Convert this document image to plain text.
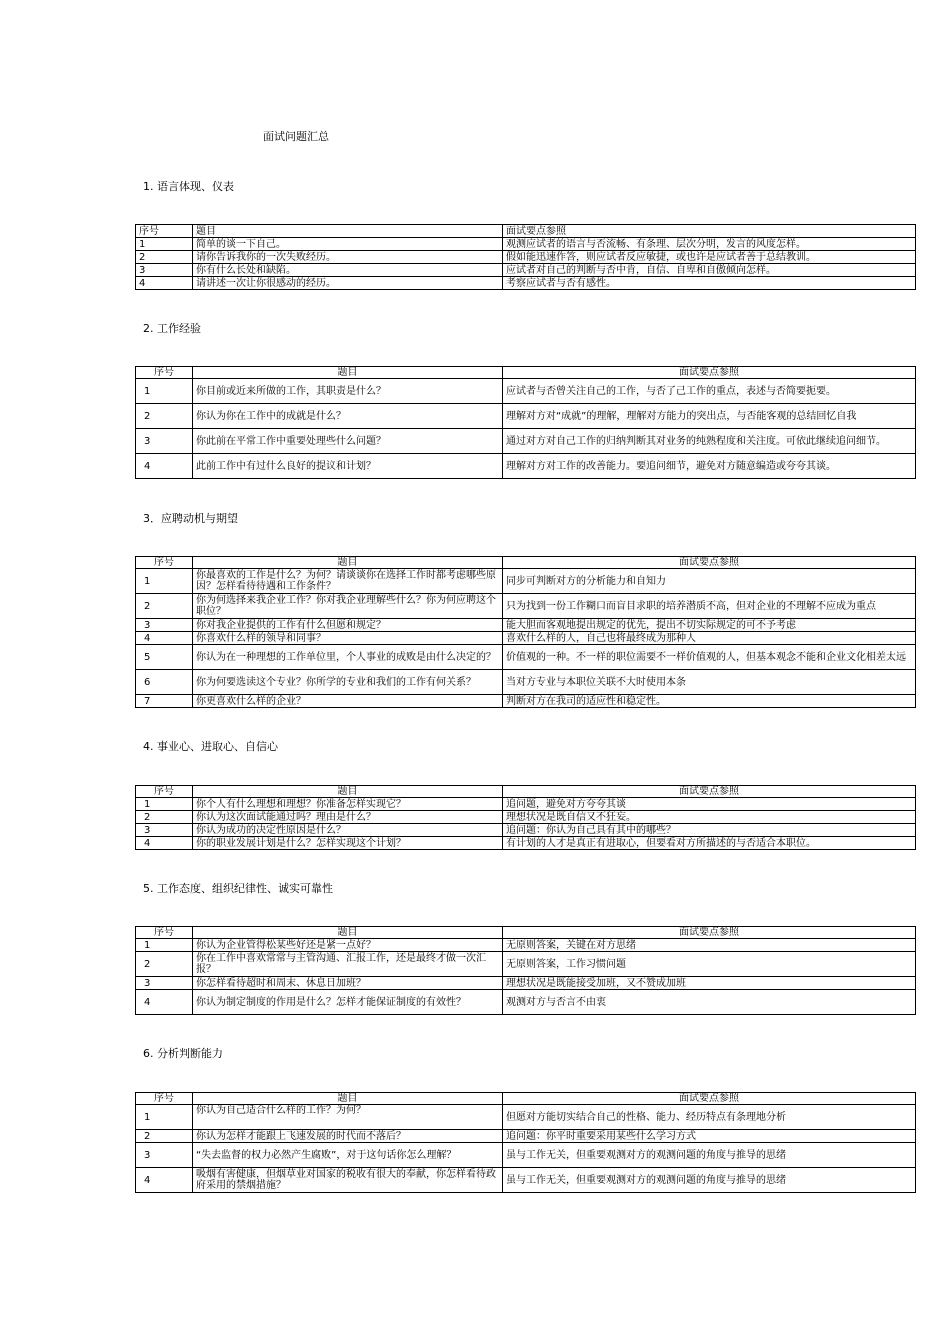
面试问题汇总
1. 语言体现、仪表
序号	题目	面试要点参照
1	简单的谈一下自己。	观测应试者的语言与否流畅、有条理、层次分明，发言的风度怎样。
2	请你告诉我你的一次失败经历。	假如能迅速作答，则应试者反应敏捷，或也许是应试者善于总结教训。
3	你有什么长处和缺陷。	应试者对自己的判断与否中肯，自信、自卑和自傲倾向怎样。
4	请讲述一次让你很感动的经历。	考察应试者与否有感性。
2. 工作经验
序号	题目	面试要点参照
1	你目前或近来所做的工作，其职责是什么？	应试者与否曾关注自己的工作，与否了己工作的重点，表述与否简要扼要。
2	你认为你在工作中的成就是什么？	理解对方对“成就”的理解，理解对方能力的突出点，与否能客观的总结回忆自我
3	你此前在平常工作中重要处理些什么问题？	通过对方对自己工作的归纳判断其对业务的纯熟程度和关注度。可依此继续追问细节。
4	此前工作中有过什么良好的提议和计划？	理解对方对工作的改善能力。要追问细节，避免对方随意编造或夸夸其谈。
3．应聘动机与期望
序号	题目	面试要点参照
1	你最喜欢的工作是什么？为何？请谈谈你在选择工作时都考虑哪些原因？怎样看待待遇和工作条件？	同步可判断对方的分析能力和自知力
2	你为何选择来我企业工作？你对我企业理解些什么？你为何应聘这个职位？	只为找到一份工作糊口而盲目求职的培养潜质不高，但对企业的不理解不应成为重点
3	你对我企业提供的工作有什么但愿和规定？	能大胆而客观地提出规定的优先，提出不切实际规定的可不予考虑
4	你喜欢什么样的领导和同事？	喜欢什么样的人，自己也将最终成为那种人
5	你认为在一种理想的工作单位里，个人事业的成败是由什么决定的？	价值观的一种。不一样的职位需要不一样价值观的人，但基本观念不能和企业文化相差太远
6	你为何要选读这个专业？你所学的专业和我们的工作有何关系？	当对方专业与本职位关联不大时使用本条
7	你更喜欢什么样的企业？	判断对方在我司的适应性和稳定性。
4. 事业心、进取心、自信心
序号	题目	面试要点参照
1	你个人有什么理想和理想？你准备怎样实现它？	追问题，避免对方夸夸其谈
2	你认为这次面试能通过吗？理由是什么？	理想状况是既自信又不狂妄。
3	你认为成功的决定性原因是什么？	追问题：你认为自己具有其中的哪些？
4	你的职业发展计划是什么？怎样实现这个计划？	有计划的人才是真正有进取心，但要看对方所描述的与否适合本职位。
5. 工作态度、组织纪律性、诚实可靠性
序号	题目	面试要点参照
1	你认为企业管得松某些好还是紧一点好？	无原则答案，关键在对方思绪
2	你在工作中喜欢常常与主管沟通、汇报工作，还是最终才做一次汇报？	无原则答案，工作习惯问题
3	你怎样看待超时和周末、休息日加班？	理想状况是既能接受加班，又不赞成加班
4	你认为制定制度的作用是什么？怎样才能保证制度的有效性？	观测对方与否言不由衷
6. 分析判断能力
序号	题目	面试要点参照
1	你认为自己适合什么样的工作？为何？	但愿对方能切实结合自己的性格、能力、经历特点有条理地分析
2	你认为怎样才能跟上飞速发展的时代而不落后？	追问题：你平时重要采用某些什么学习方式
3	“失去监督的权力必然产生腐败”，对于这句话你怎么理解？	虽与工作无关，但重要观测对方的观测问题的角度与推导的思绪
4	吸烟有害健康，但烟草业对国家的税收有很大的奉献，你怎样看待政府采用的禁烟措施？	虽与工作无关，但重要观测对方的观测问题的角度与推导的思绪
